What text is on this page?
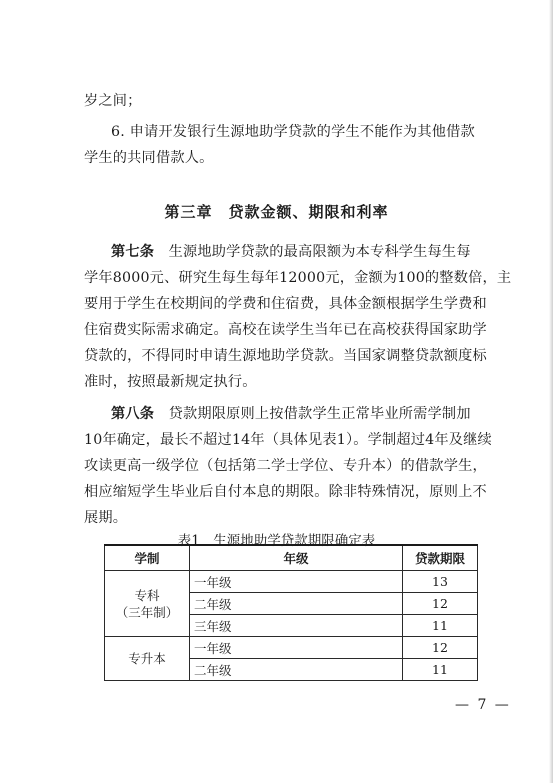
岁之间；
6. 申请开发银行生源地助学贷款的学生不能作为其他借款
学生的共同借款人。
第三章　贷款金额、期限和利率
第七条　 生源地助学贷款的最高限额为本专科学生每生每
学年8000元、研究生每生每年12000元，金额为100的整数倍，主
要用于学生在校期间的学费和住宿费，具体金额根据学生学费和
住宿费实际需求确定。高校在读学生当年已在高校获得国家助学
贷款的，不得同时申请生源地助学贷款。当国家调整贷款额度标
准时，按照最新规定执行。
第八条　 贷款期限原则上按借款学生正常毕业所需学制加
10年确定，最长不超过14年（具体见表1）。学制超过4年及继续
攻读更高一级学位（包括第二学士学位、专升本）的借款学生，
相应缩短学生毕业后自付本息的期限。除非特殊情况，原则上不
展期。
表1　生源地助学贷款期限确定表
学制	年级	贷款期限

专科
（三年制）	一年级	13
	二年级	12
	三年级	11
专升本	一年级	12
	二年级	11
— 7 —
